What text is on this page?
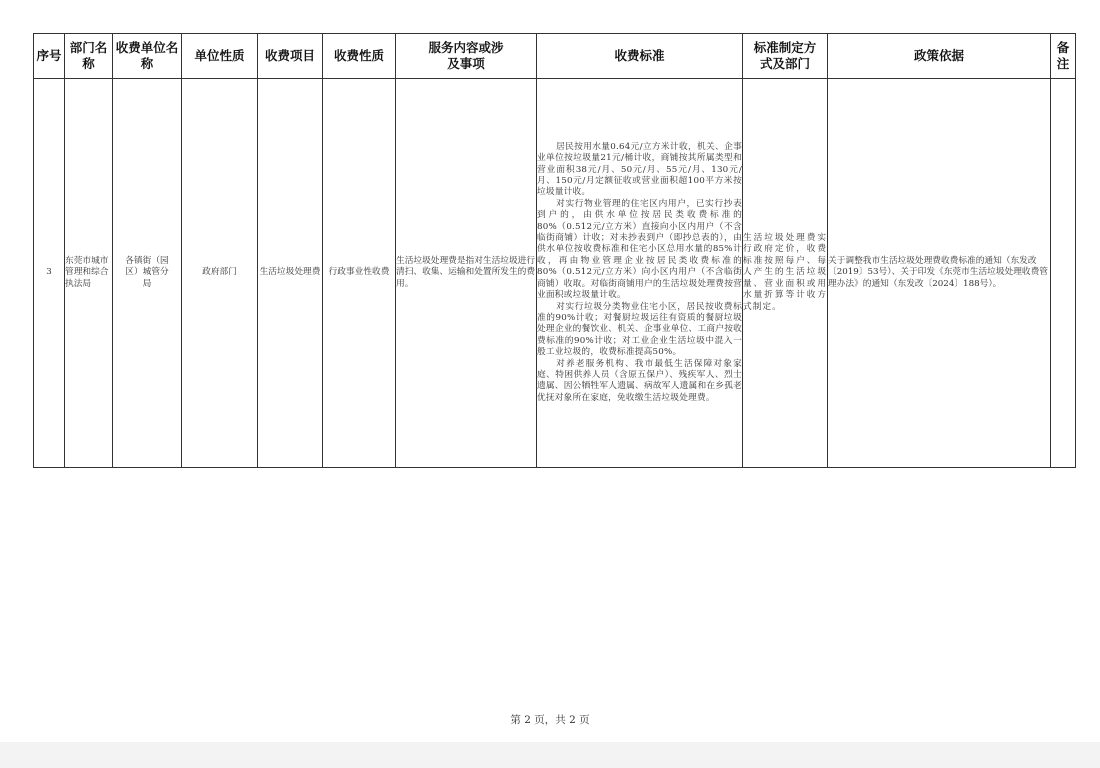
序号	部门名称	收费单位名称	单位性质	收费项目	收费性质	服务内容或涉及事项	收费标准	标准制定方式及部门	政策依据	备注
3	东莞市城市管理和综合执法局	各镇街（园区）城管分局	政府部门	生活垃圾处理费	行政事业性收费	生活垃圾处理费是指对生活垃圾进行清扫、收集、运输和处置所发生的费用。	居民按用水量0.64元/立方米计收，机关、企事业单位按垃圾量21元/桶计收，商铺按其所属类型和营业面积38元/月、50元/月、55元/月、130元/月、150元/月定额征收或营业面积超100平方米按垃圾量计收。

对实行物业管理的住宅区内用户，已实行抄表到户的，由供水单位按居民类收费标准的80%（0.512元/立方米）直接向小区内用户（不含临街商铺）计收；对未抄表到户（即抄总表的），由供水单位按收费标准和住宅小区总用水量的85%计收，再由物业管理企业按居民类收费标准的80%（0.512元/立方米）向小区内用户（不含临街商铺）收取。对临街商铺用户的生活垃圾处理费按营业面积或垃圾量计收。

对实行垃圾分类物业住宅小区，居民按收费标准的90%计收；对餐厨垃圾运往有资质的餐厨垃圾处理企业的餐饮业、机关、企事业单位、工商户按收费标准的90%计收；对工业企业生活垃圾中混入一般工业垃圾的，收费标准提高50%。

对养老服务机构、我市最低生活保障对象家庭、特困供养人员（含原五保户）、残疾军人、烈士遗属、因公牺牲军人遗属、病故军人遗属和在乡孤老优抚对象所在家庭，免收缴生活垃圾处理费。	生活垃圾处理费实行政府定价，收费标准按照每户、每人产生的生活垃圾量、营业面积或用水量折算等计收方式制定。	关于调整我市生活垃圾处理费收费标准的通知（东发改〔2019〕53号）、关于印发《东莞市生活垃圾处理收费管理办法》的通知（东发改〔2024〕188号）。	
第 2 页，共 2 页
